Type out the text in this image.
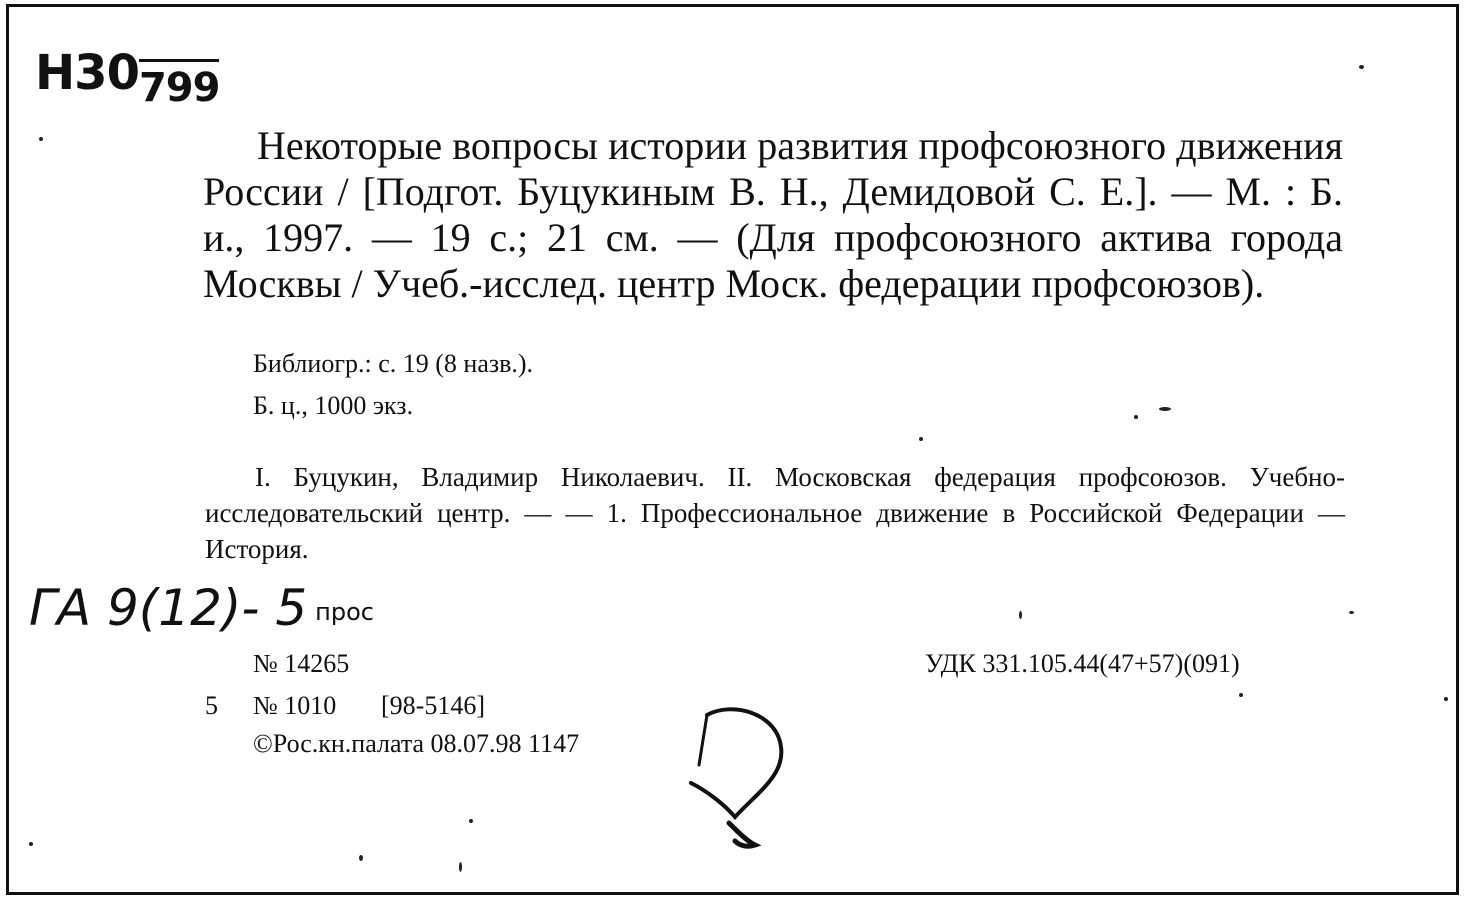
Н30799

Некоторые вопросы истории развития профсоюзного движения России / [Подгот. Буцукиным В. Н., Демидовой С. Е.]. — М. : Б. и., 1997. — 19 с.; 21 см. — (Для профсоюзного актива города Москвы / Учеб.-исслед. центр Моск. федерации профсоюзов).

Библиогр.: с. 19 (8 назв.).
Б. ц., 1000 экз.

I. Буцукин, Владимир Николаевич. II. Московская федерация профсоюзов. Учебно-исследовательский центр. — — 1. Профессиональное движение в Российской Федерации — История.

ГА 9(12)- 5 прос
№ 14265	УДК 331.105.44(47+57)(091)
5 № 1010 [98-5146]
©Рос.кн.палата 08.07.98 1147
